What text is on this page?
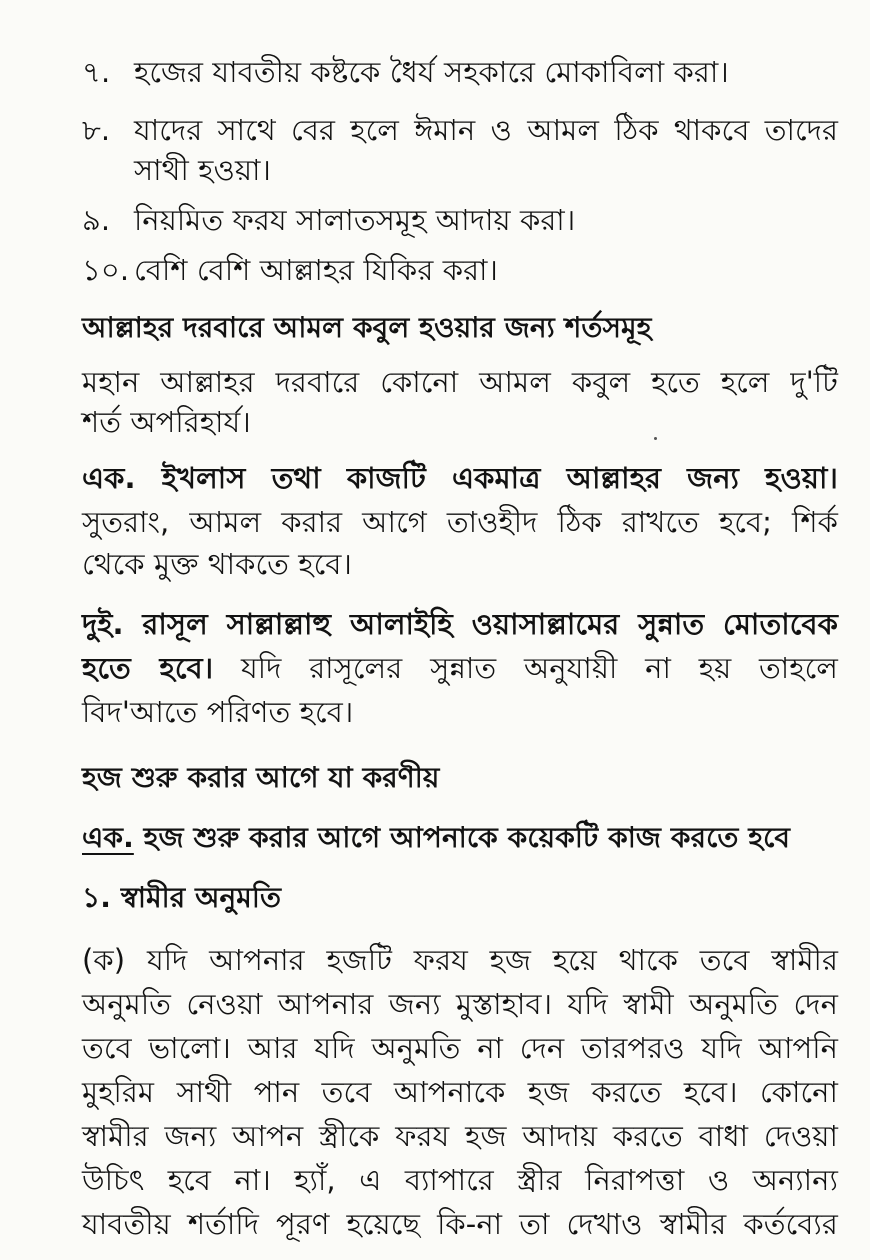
৭. হজের যাবতীয় কষ্টকে ধৈর্য সহকারে মোকাবিলা করা।
৮. যাদের সাথে বের হলে ঈমান ও আমল ঠিক থাকবে তাদের
সাথী হওয়া।
৯. নিয়মিত ফরয সালাতসমূহ আদায় করা।
১০. বেশি বেশি আল্লাহর যিকির করা।
আল্লাহর দরবারে আমল কবুল হওয়ার জন্য শর্তসমূহ
মহান আল্লাহর দরবারে কোনো আমল কবুল হতে হলে দু'টি
শর্ত অপরিহার্য।
এক. ইখলাস তথা কাজটি একমাত্র আল্লাহর জন্য হওয়া।
সুতরাং, আমল করার আগে তাওহীদ ঠিক রাখতে হবে; শির্ক
থেকে মুক্ত থাকতে হবে।
দুই. রাসূল সাল্লাল্লাহু আলাইহি ওয়াসাল্লামের সুন্নাত মোতাবেক
হতে হবে। যদি রাসূলের সুন্নাত অনুযায়ী না হয় তাহলে
বিদ'আতে পরিণত হবে।
হজ শুরু করার আগে যা করণীয়
এক. হজ শুরু করার আগে আপনাকে কয়েকটি কাজ করতে হবে
১. স্বামীর অনুমতি
(ক) যদি আপনার হজটি ফরয হজ হয়ে থাকে তবে স্বামীর
অনুমতি নেওয়া আপনার জন্য মুস্তাহাব। যদি স্বামী অনুমতি দেন
তবে ভালো। আর যদি অনুমতি না দেন তারপরও যদি আপনি
মুহরিম সাথী পান তবে আপনাকে হজ করতে হবে। কোনো
স্বামীর জন্য আপন স্ত্রীকে ফরয হজ আদায় করতে বাধা দেওয়া
উচিৎ হবে না। হ্যাঁ, এ ব্যাপারে স্ত্রীর নিরাপত্তা ও অন্যান্য
যাবতীয় শর্তাদি পূরণ হয়েছে কি-না তা দেখাও স্বামীর কর্তব্যের
